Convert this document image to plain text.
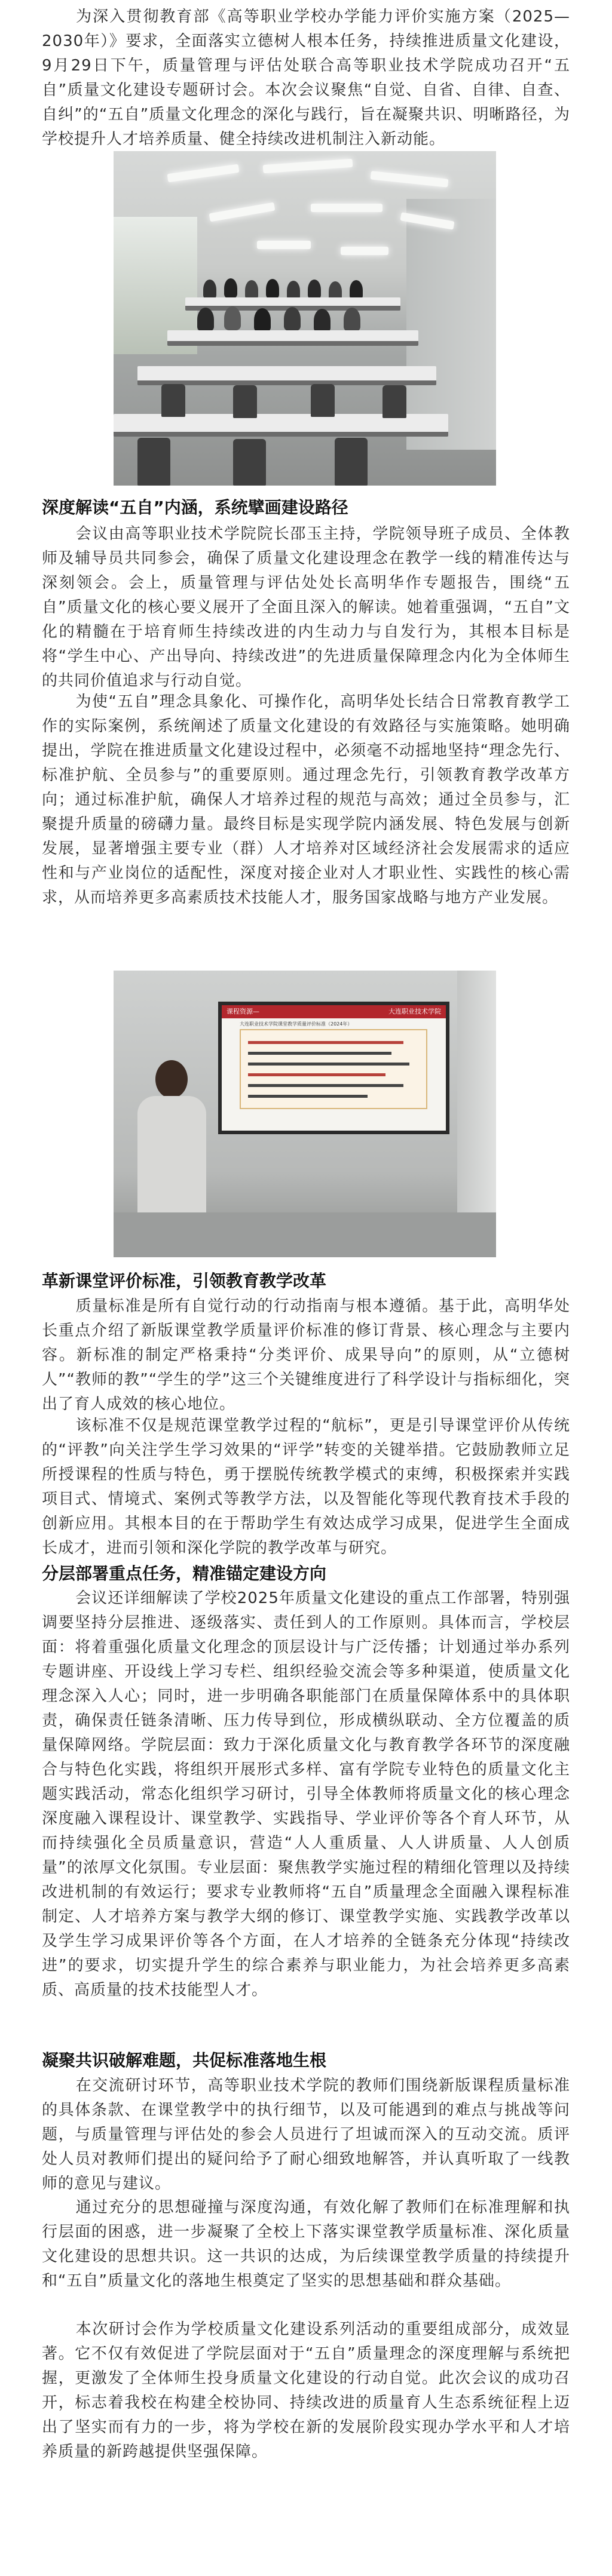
为深入贯彻教育部《高等职业学校办学能力评价实施方案（2025—2030年）》要求，全面落实立德树人根本任务，持续推进质量文化建设，9月29日下午，质量管理与评估处联合高等职业技术学院成功召开“五自”质量文化建设专题研讨会。本次会议聚焦“自觉、自省、自律、自查、自纠”的“五自”质量文化理念的深化与践行，旨在凝聚共识、明晰路径，为学校提升人才培养质量、健全持续改进机制注入新动能。

深度解读“五自”内涵，系统擘画建设路径

会议由高等职业技术学院院长邵玉主持，学院领导班子成员、全体教师及辅导员共同参会，确保了质量文化建设理念在教学一线的精准传达与深刻领会。会上，质量管理与评估处处长高明华作专题报告，围绕“五自”质量文化的核心要义展开了全面且深入的解读。她着重强调，“五自”文化的精髓在于培育师生持续改进的内生动力与自发行为，其根本目标是将“学生中心、产出导向、持续改进”的先进质量保障理念内化为全体师生的共同价值追求与行动自觉。

为使“五自”理念具象化、可操作化，高明华处长结合日常教育教学工作的实际案例，系统阐述了质量文化建设的有效路径与实施策略。她明确提出，学院在推进质量文化建设过程中，必须毫不动摇地坚持“理念先行、标准护航、全员参与”的重要原则。通过理念先行，引领教育教学改革方向；通过标准护航，确保人才培养过程的规范与高效；通过全员参与，汇聚提升质量的磅礴力量。最终目标是实现学院内涵发展、特色发展与创新发展，显著增强主要专业（群）人才培养对区域经济社会发展需求的适应性和与产业岗位的适配性，深度对接企业对人才职业性、实践性的核心需求，从而培养更多高素质技术技能人才，服务国家战略与地方产业发展。

课程资源—	大连职业技术学院
大连职业技术学院课堂教学质量评价标准（2024年）
革新课堂评价标准，引领教育教学改革

质量标准是所有自觉行动的行动指南与根本遵循。基于此，高明华处长重点介绍了新版课堂教学质量评价标准的修订背景、核心理念与主要内容。新标准的制定严格秉持“分类评价、成果导向”的原则，从“立德树人”“教师的教”“学生的学”这三个关键维度进行了科学设计与指标细化，突出了育人成效的核心地位。

该标准不仅是规范课堂教学过程的“航标”，更是引导课堂评价从传统的“评教”向关注学生学习效果的“评学”转变的关键举措。它鼓励教师立足所授课程的性质与特色，勇于摆脱传统教学模式的束缚，积极探索并实践项目式、情境式、案例式等教学方法，以及智能化等现代教育技术手段的创新应用。其根本目的在于帮助学生有效达成学习成果，促进学生全面成长成才，进而引领和深化学院的教学改革与研究。

分层部署重点任务，精准锚定建设方向

会议还详细解读了学校2025年质量文化建设的重点工作部署，特别强调要坚持分层推进、逐级落实、责任到人的工作原则。具体而言，学校层面：将着重强化质量文化理念的顶层设计与广泛传播；计划通过举办系列专题讲座、开设线上学习专栏、组织经验交流会等多种渠道，使质量文化理念深入人心；同时，进一步明确各职能部门在质量保障体系中的具体职责，确保责任链条清晰、压力传导到位，形成横纵联动、全方位覆盖的质量保障网络。学院层面：致力于深化质量文化与教育教学各环节的深度融合与特色化实践，将组织开展形式多样、富有学院专业特色的质量文化主题实践活动，常态化组织学习研讨，引导全体教师将质量文化的核心理念深度融入课程设计、课堂教学、实践指导、学业评价等各个育人环节，从而持续强化全员质量意识，营造“人人重质量、人人讲质量、人人创质量”的浓厚文化氛围。专业层面：聚焦教学实施过程的精细化管理以及持续改进机制的有效运行；要求专业教师将“五自”质量理念全面融入课程标准制定、人才培养方案与教学大纲的修订、课堂教学实施、实践教学改革以及学生学习成果评价等各个方面，在人才培养的全链条充分体现“持续改进”的要求，切实提升学生的综合素养与职业能力，为社会培养更多高素质、高质量的技术技能型人才。

凝聚共识破解难题，共促标准落地生根

在交流研讨环节，高等职业技术学院的教师们围绕新版课程质量标准的具体条款、在课堂教学中的执行细节，以及可能遇到的难点与挑战等问题，与质量管理与评估处的参会人员进行了坦诚而深入的互动交流。质评处人员对教师们提出的疑问给予了耐心细致地解答，并认真听取了一线教师的意见与建议。

通过充分的思想碰撞与深度沟通，有效化解了教师们在标准理解和执行层面的困惑，进一步凝聚了全校上下落实课堂教学质量标准、深化质量文化建设的思想共识。这一共识的达成，为后续课堂教学质量的持续提升和“五自”质量文化的落地生根奠定了坚实的思想基础和群众基础。

本次研讨会作为学校质量文化建设系列活动的重要组成部分，成效显著。它不仅有效促进了学院层面对于“五自”质量理念的深度理解与系统把握，更激发了全体师生投身质量文化建设的行动自觉。此次会议的成功召开，标志着我校在构建全校协同、持续改进的质量育人生态系统征程上迈出了坚实而有力的一步，将为学校在新的发展阶段实现办学水平和人才培养质量的新跨越提供坚强保障。
